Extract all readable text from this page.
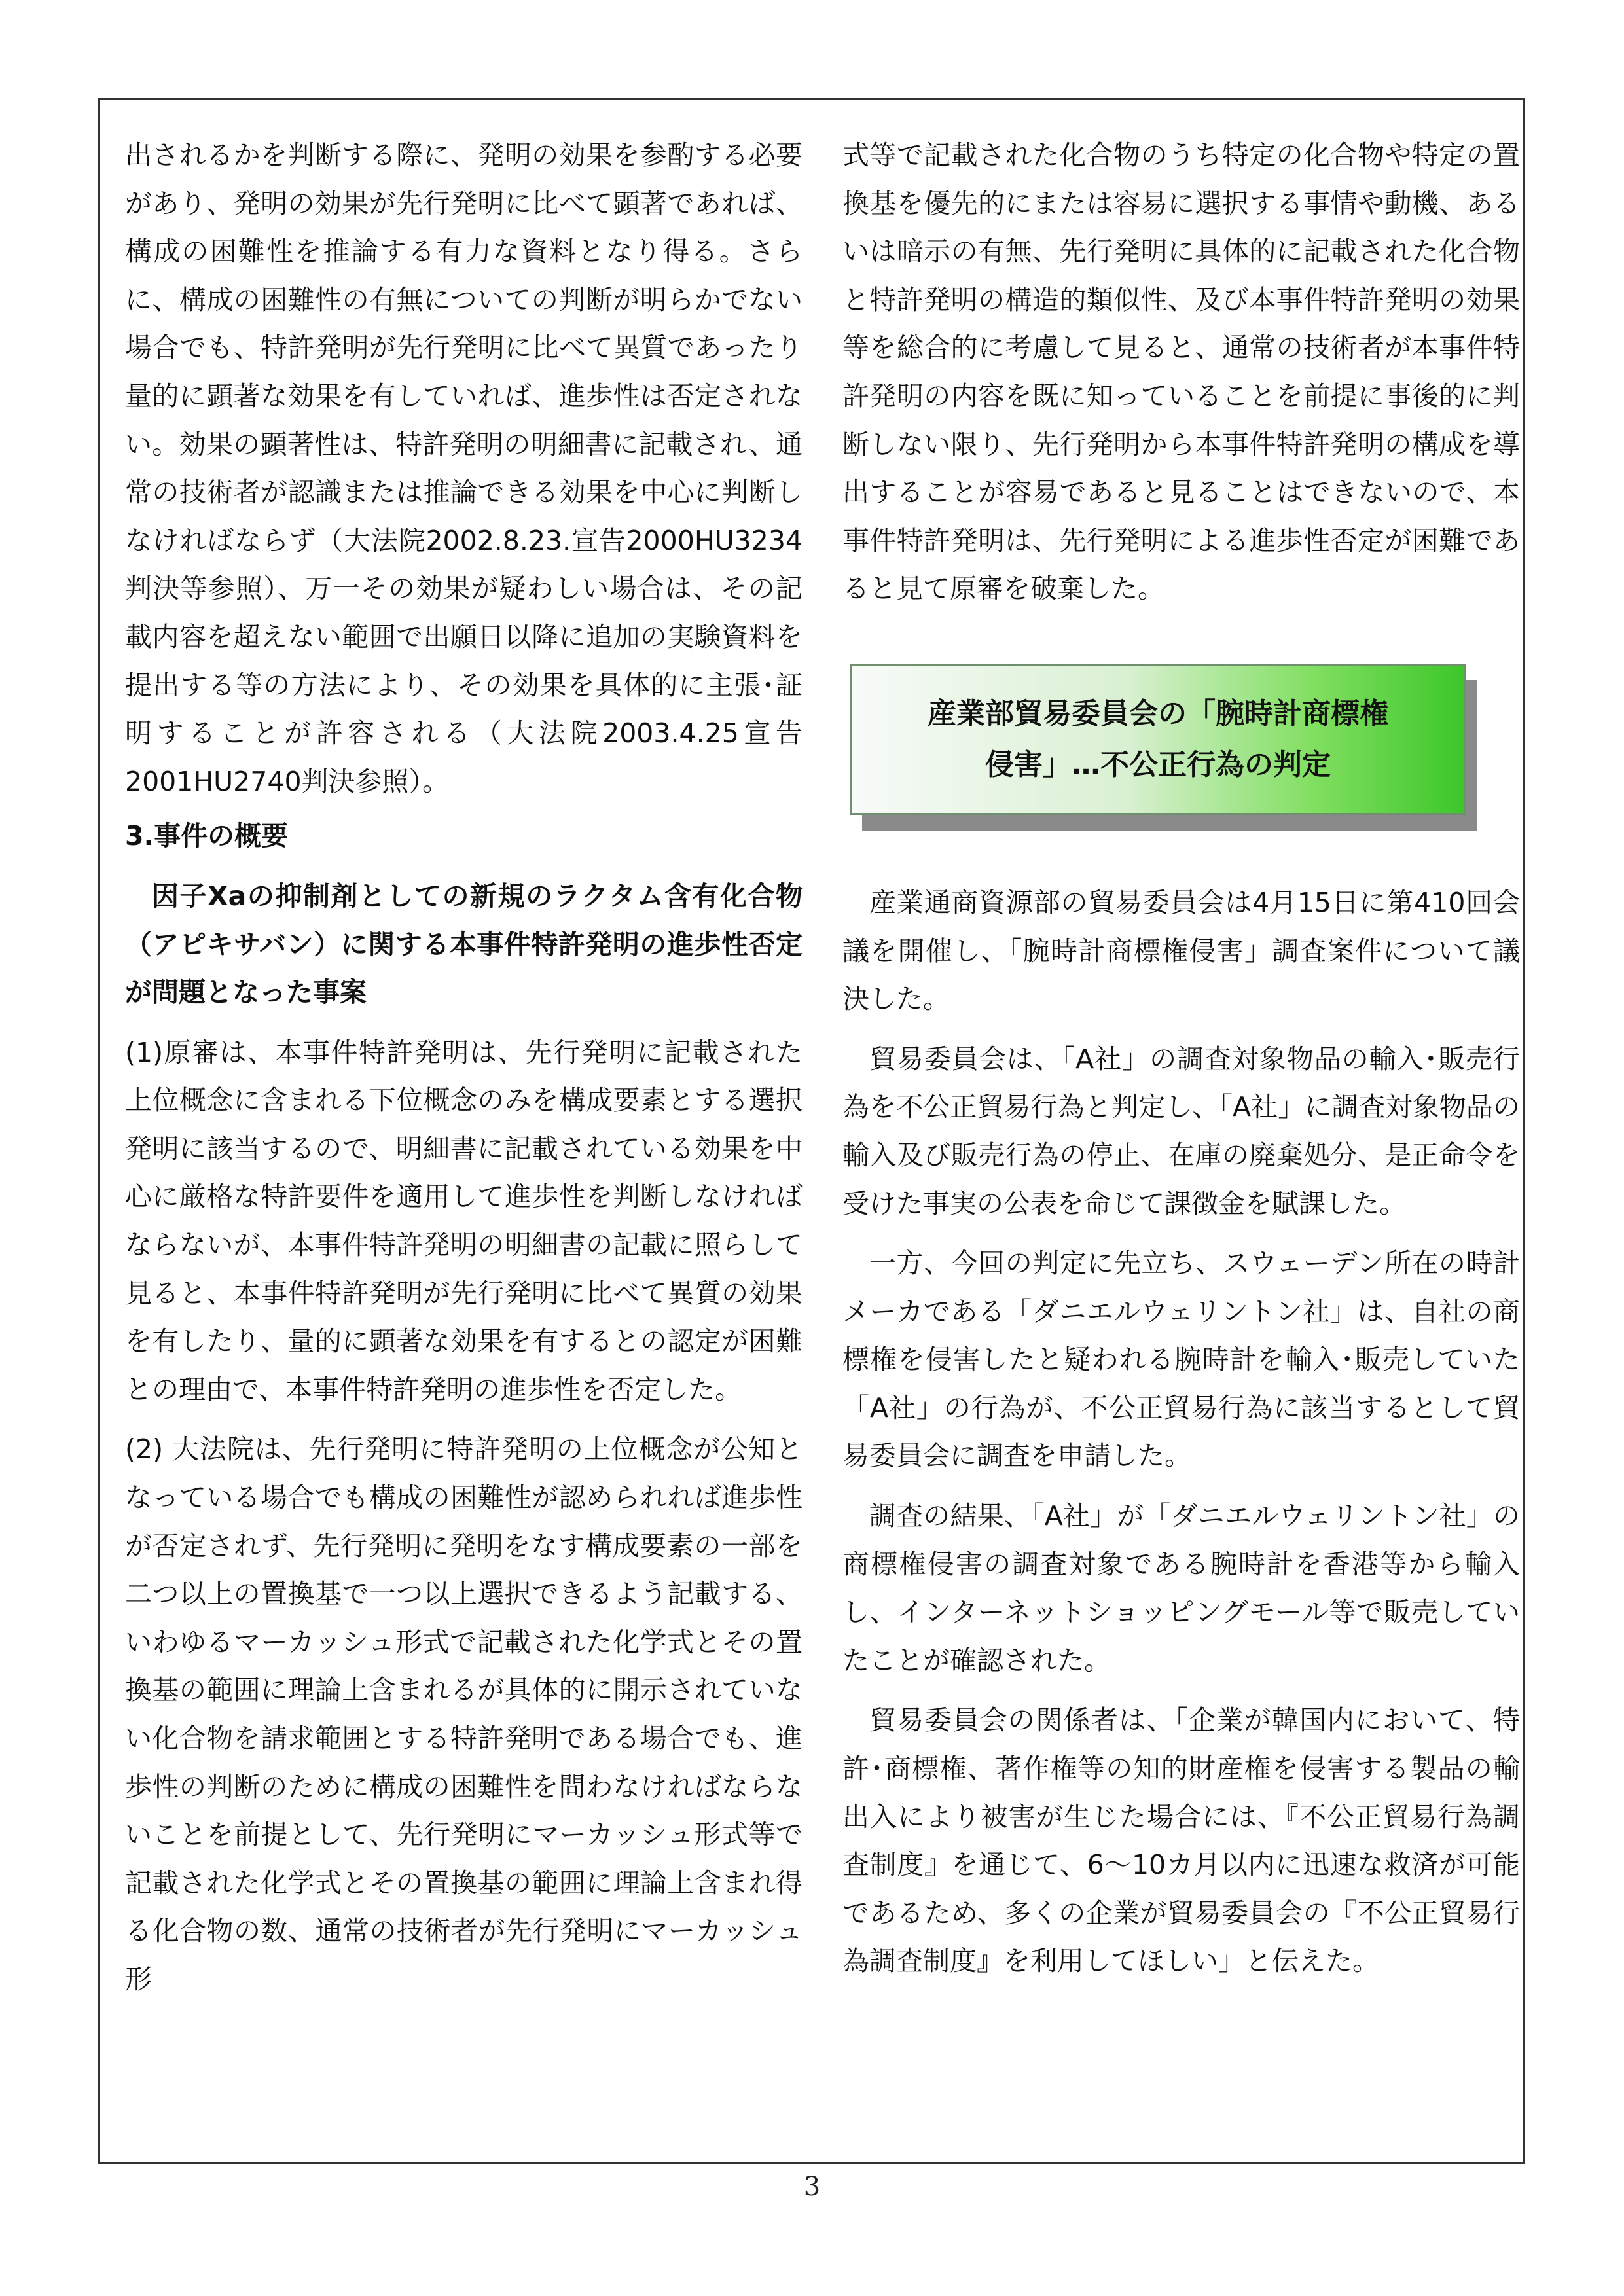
出されるかを判断する際に、発明の効果を参酌する必要があり、発明の効果が先行発明に比べて顕著であれば、構成の困難性を推論する有力な資料となり得る。さらに、構成の困難性の有無についての判断が明らかでない場合でも、特許発明が先行発明に比べて異質であったり量的に顕著な効果を有していれば、進歩性は否定されない。効果の顕著性は、特許発明の明細書に記載され、通常の技術者が認識または推論できる効果を中心に判断しなければならず（大法院2002.8.23.宣告2000HU3234判決等参照）、万一その効果が疑わしい場合は、その記載内容を超えない範囲で出願日以降に追加の実験資料を提出する等の方法により、その効果を具体的に主張･証明することが許容される（大法院2003.4.25宣告2001HU2740判決参照）。

3.事件の概要

因子Xaの抑制剤としての新規のラクタム含有化合物（アピキサバン）に関する本事件特許発明の進歩性否定が問題となった事案

(1)原審は、本事件特許発明は、先行発明に記載された上位概念に含まれる下位概念のみを構成要素とする選択発明に該当するので、明細書に記載されている効果を中心に厳格な特許要件を適用して進歩性を判断しなければならないが、本事件特許発明の明細書の記載に照らして見ると、本事件特許発明が先行発明に比べて異質の効果を有したり、量的に顕著な効果を有するとの認定が困難との理由で、本事件特許発明の進歩性を否定した。

(2) 大法院は、先行発明に特許発明の上位概念が公知となっている場合でも構成の困難性が認められれば進歩性が否定されず、先行発明に発明をなす構成要素の一部を二つ以上の置換基で一つ以上選択できるよう記載する、いわゆるマーカッシュ形式で記載された化学式とその置換基の範囲に理論上含まれるが具体的に開示されていない化合物を請求範囲とする特許発明である場合でも、進歩性の判断のために構成の困難性を問わなければならないことを前提として、先行発明にマーカッシュ形式等で記載された化学式とその置換基の範囲に理論上含まれ得る化合物の数、通常の技術者が先行発明にマーカッシュ形

式等で記載された化合物のうち特定の化合物や特定の置換基を優先的にまたは容易に選択する事情や動機、あるいは暗示の有無、先行発明に具体的に記載された化合物と特許発明の構造的類似性、及び本事件特許発明の効果等を総合的に考慮して見ると、通常の技術者が本事件特許発明の内容を既に知っていることを前提に事後的に判断しない限り、先行発明から本事件特許発明の構成を導出することが容易であると見ることはできないので、本事件特許発明は、先行発明による進歩性否定が困難であると見て原審を破棄した。

産業部貿易委員会の「腕時計商標権
侵害」…不公正行為の判定

産業通商資源部の貿易委員会は4月15日に第410回会議を開催し、「腕時計商標権侵害」調査案件について議決した。

貿易委員会は、「A社」の調査対象物品の輸入･販売行為を不公正貿易行為と判定し、「A社」に調査対象物品の輸入及び販売行為の停止、在庫の廃棄処分、是正命令を受けた事実の公表を命じて課徴金を賦課した。

一方、今回の判定に先立ち、スウェーデン所在の時計メーカである「ダニエルウェリントン社」は、自社の商標権を侵害したと疑われる腕時計を輸入･販売していた「A社」の行為が、不公正貿易行為に該当するとして貿易委員会に調査を申請した。

調査の結果、「A社」が「ダニエルウェリントン社」の商標権侵害の調査対象である腕時計を香港等から輸入し、インターネットショッピングモール等で販売していたことが確認された。

貿易委員会の関係者は、「企業が韓国内において、特許･商標権、著作権等の知的財産権を侵害する製品の輸出入により被害が生じた場合には、『不公正貿易行為調査制度』を通じて、6～10カ月以内に迅速な救済が可能であるため、多くの企業が貿易委員会の『不公正貿易行為調査制度』を利用してほしい」と伝えた。

3
